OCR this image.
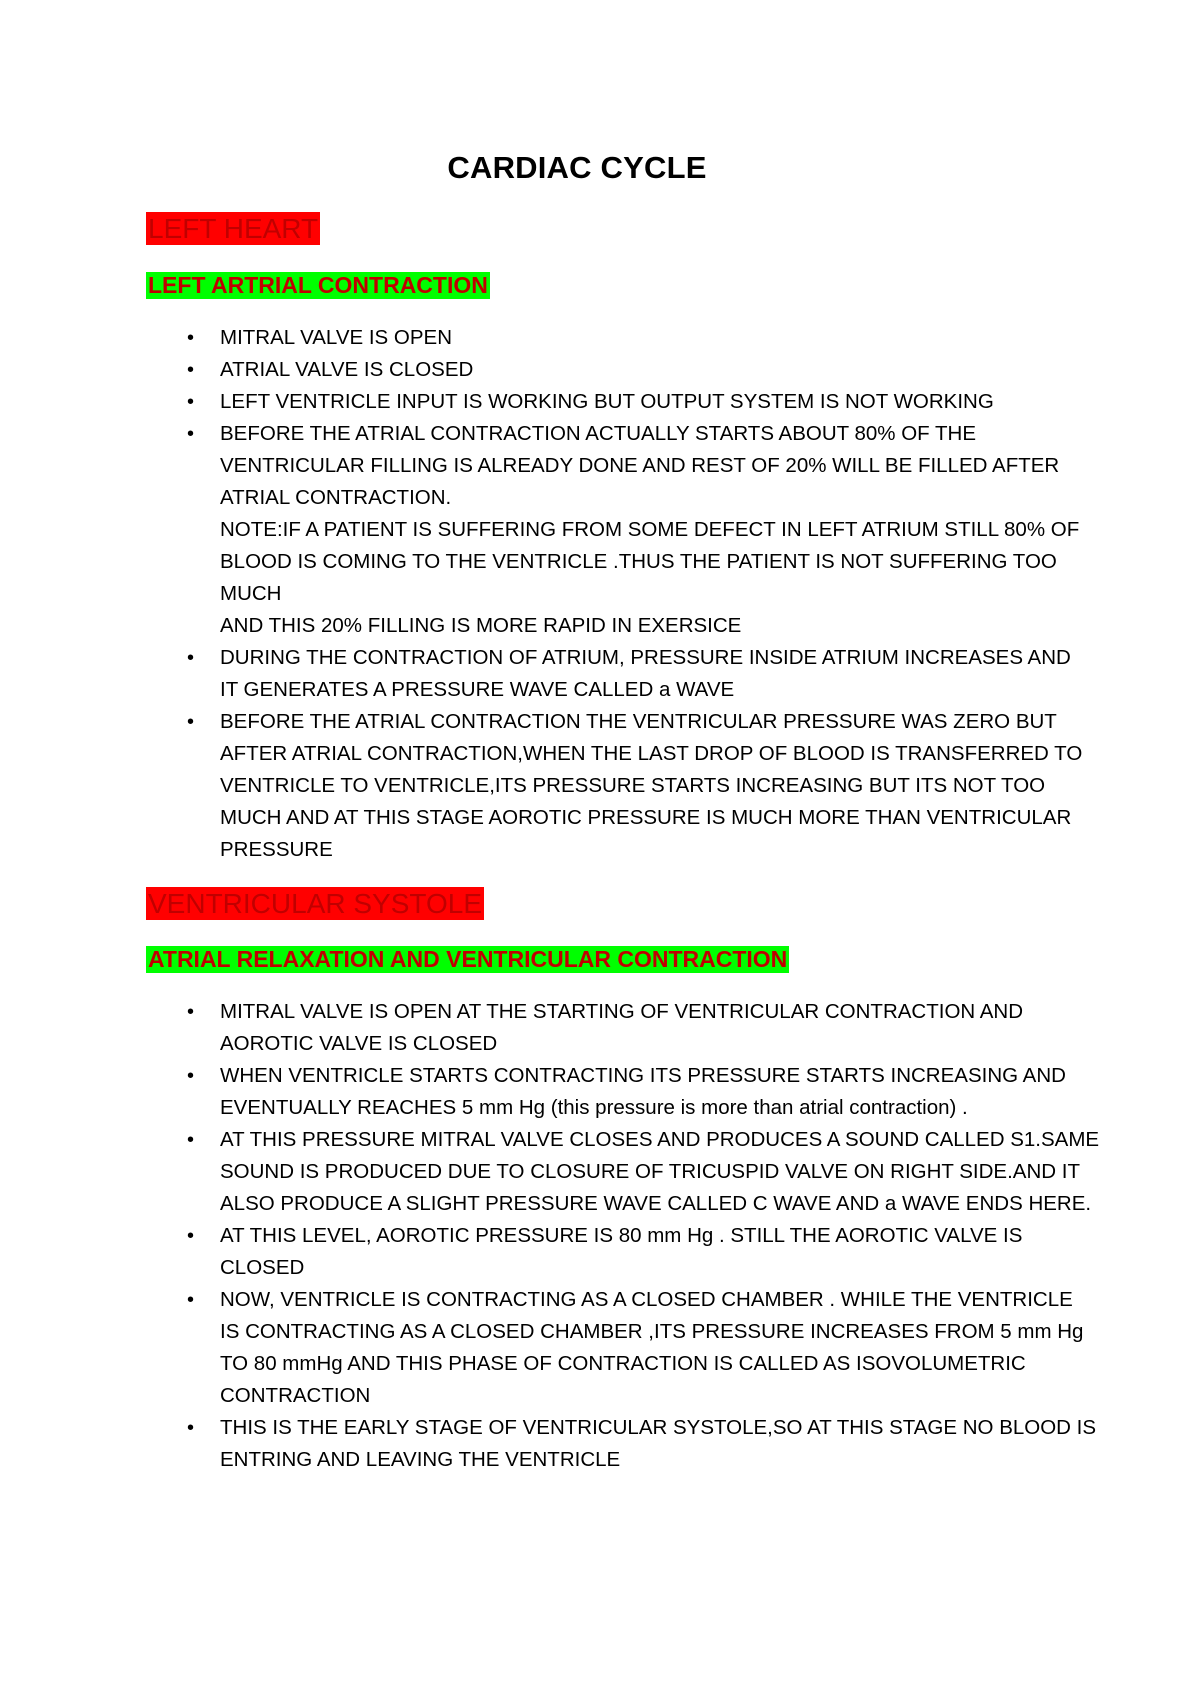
CARDIAC CYCLE
LEFT HEART
LEFT ARTRIAL CONTRACTION
• MITRAL VALVE IS OPEN
• ATRIAL VALVE IS CLOSED
• LEFT VENTRICLE INPUT IS WORKING BUT OUTPUT SYSTEM IS NOT WORKING
• BEFORE THE ATRIAL CONTRACTION ACTUALLY STARTS ABOUT 80% OF THE
VENTRICULAR FILLING IS ALREADY DONE AND REST OF 20% WILL BE FILLED AFTER
ATRIAL CONTRACTION.
NOTE:IF A PATIENT IS SUFFERING FROM SOME DEFECT IN LEFT ATRIUM STILL 80% OF
BLOOD IS COMING TO THE VENTRICLE .THUS THE PATIENT IS NOT SUFFERING TOO
MUCH
AND THIS 20% FILLING IS MORE RAPID IN EXERSICE
• DURING THE CONTRACTION OF ATRIUM, PRESSURE INSIDE ATRIUM INCREASES AND
IT GENERATES A PRESSURE WAVE CALLED a WAVE
• BEFORE THE ATRIAL CONTRACTION THE VENTRICULAR PRESSURE WAS ZERO BUT
AFTER ATRIAL CONTRACTION,WHEN THE LAST DROP OF BLOOD IS TRANSFERRED TO
VENTRICLE TO VENTRICLE,ITS PRESSURE STARTS INCREASING BUT ITS NOT TOO
MUCH AND AT THIS STAGE AOROTIC PRESSURE IS MUCH MORE THAN VENTRICULAR
PRESSURE
VENTRICULAR SYSTOLE
ATRIAL RELAXATION AND VENTRICULAR CONTRACTION
• MITRAL VALVE IS OPEN AT THE STARTING OF VENTRICULAR CONTRACTION AND
AOROTIC VALVE IS CLOSED
• WHEN VENTRICLE STARTS CONTRACTING ITS PRESSURE STARTS INCREASING AND
EVENTUALLY REACHES 5 mm Hg (this pressure is more than atrial contraction) .
• AT THIS PRESSURE MITRAL VALVE CLOSES AND PRODUCES A SOUND CALLED S1.SAME
SOUND IS PRODUCED DUE TO CLOSURE OF TRICUSPID VALVE ON RIGHT SIDE.AND IT
ALSO PRODUCE A SLIGHT PRESSURE WAVE CALLED C WAVE AND a WAVE ENDS HERE.
• AT THIS LEVEL, AOROTIC PRESSURE IS 80 mm Hg . STILL THE AOROTIC VALVE IS
CLOSED
• NOW, VENTRICLE IS CONTRACTING AS A CLOSED CHAMBER . WHILE THE VENTRICLE
IS CONTRACTING AS A CLOSED CHAMBER ,ITS PRESSURE INCREASES FROM 5 mm Hg
TO 80 mmHg AND THIS PHASE OF CONTRACTION IS CALLED AS ISOVOLUMETRIC
CONTRACTION
• THIS IS THE EARLY STAGE OF VENTRICULAR SYSTOLE,SO AT THIS STAGE NO BLOOD IS
ENTRING AND LEAVING THE VENTRICLE
